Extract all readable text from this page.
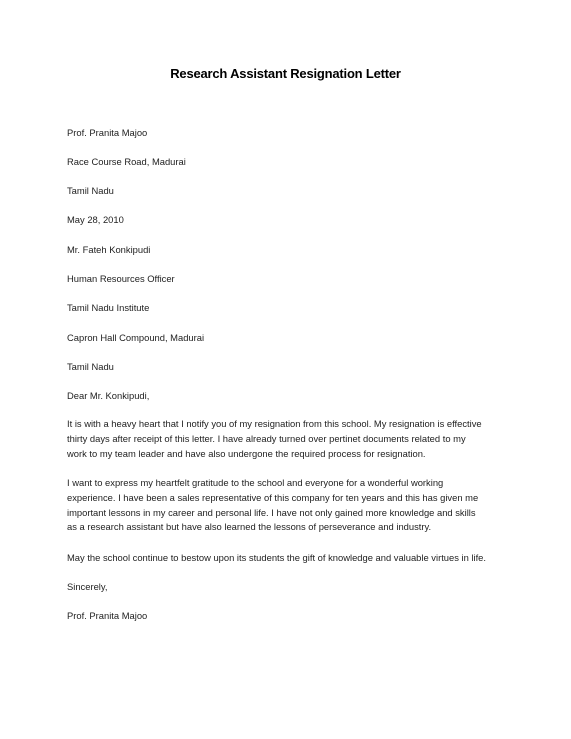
Research Assistant Resignation Letter
Prof. Pranita Majoo
Race Course Road, Madurai
Tamil Nadu
May 28, 2010
Mr. Fateh Konkipudi
Human Resources Officer
Tamil Nadu Institute
Capron Hall Compound, Madurai
Tamil Nadu
Dear Mr. Konkipudi,
It is with a heavy heart that I notify you of my resignation from this school. My resignation is effective
thirty days after receipt of this letter. I have already turned over pertinet documents related to my
work to my team leader and have also undergone the required process for resignation.
I want to express my heartfelt gratitude to the school and everyone for a wonderful working
experience. I have been a sales representative of this company for ten years and this has given me
important lessons in my career and personal life. I have not only gained more knowledge and skills
as a research assistant but have also learned the lessons of perseverance and industry.
May the school continue to bestow upon its students the gift of knowledge and valuable virtues in life.
Sincerely,
Prof. Pranita Majoo
